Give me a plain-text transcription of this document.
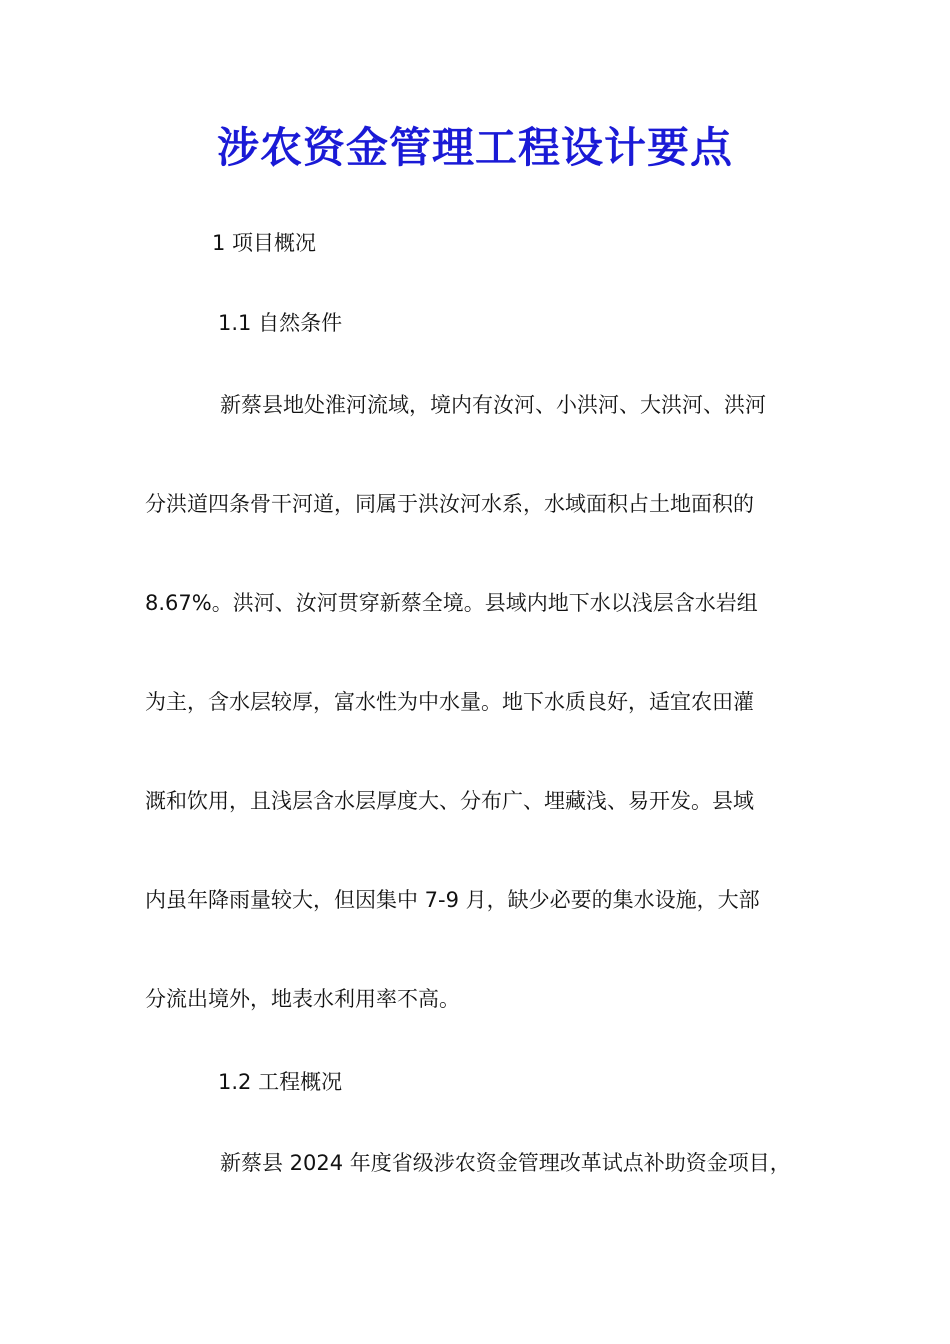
涉农资金管理工程设计要点

1 项目概况

1.1 自然条件

新蔡县地处淮河流域，境内有汝河、小洪河、大洪河、洪河
分洪道四条骨干河道，同属于洪汝河水系，水域面积占土地面积的
8.67%。洪河、汝河贯穿新蔡全境。县域内地下水以浅层含水岩组
为主，含水层较厚，富水性为中水量。地下水质良好，适宜农田灌
溉和饮用，且浅层含水层厚度大、分布广、埋藏浅、易开发。县域
内虽年降雨量较大，但因集中 7-9 月，缺少必要的集水设施，大部
分流出境外，地表水利用率不高。

1.2 工程概况

新蔡县 2024 年度省级涉农资金管理改革试点补助资金项目，
